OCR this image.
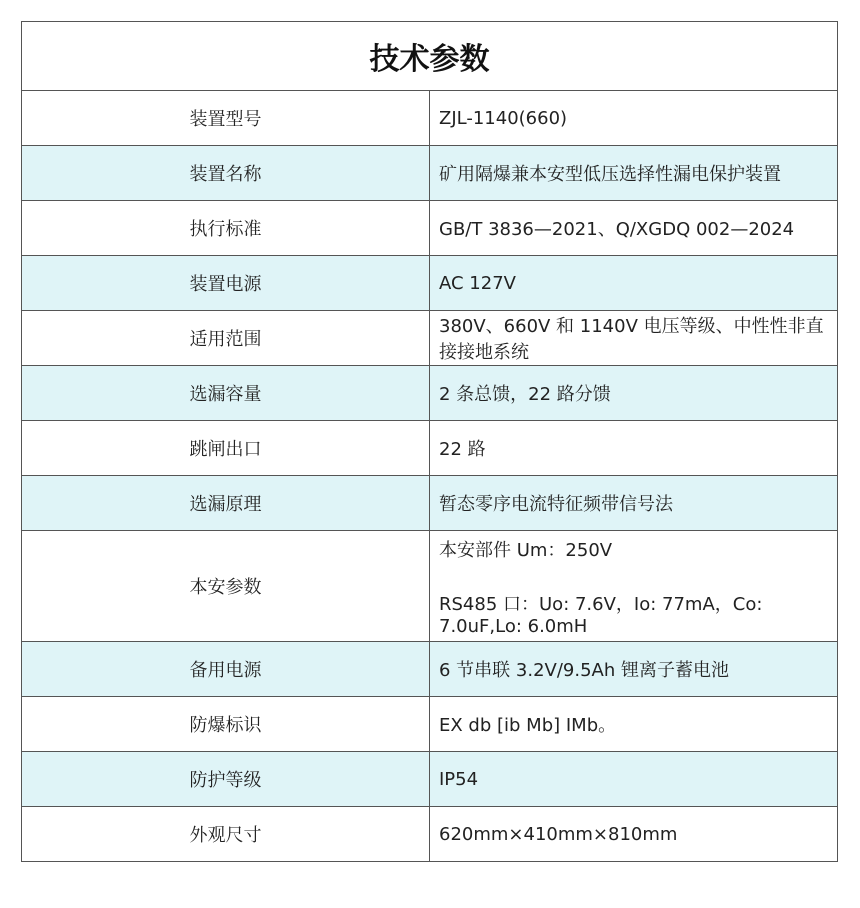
技术参数	
装置型号	ZJL-1140(660)
装置名称	矿用隔爆兼本安型低压选择性漏电保护装置
执行标准	GB/T 3836—2021、Q/XGDQ 002—2024
装置电源	AC 127V
适用范围	380V、660V 和 1140V 电压等级、中性性非直接接地系统
选漏容量	2 条总馈，22 路分馈
跳闸出口	22 路
选漏原理	暂态零序电流特征频带信号法
本安参数	本安部件 Um：250V
RS485 口：Uo: 7.6V，Io: 77mA，Co: 7.0uF,Lo: 6.0mH

备用电源	6 节串联 3.2V/9.5Ah 锂离子蓄电池
防爆标识	EX db [ib Mb] IMb。
防护等级	IP54
外观尺寸	620mm×410mm×810mm
